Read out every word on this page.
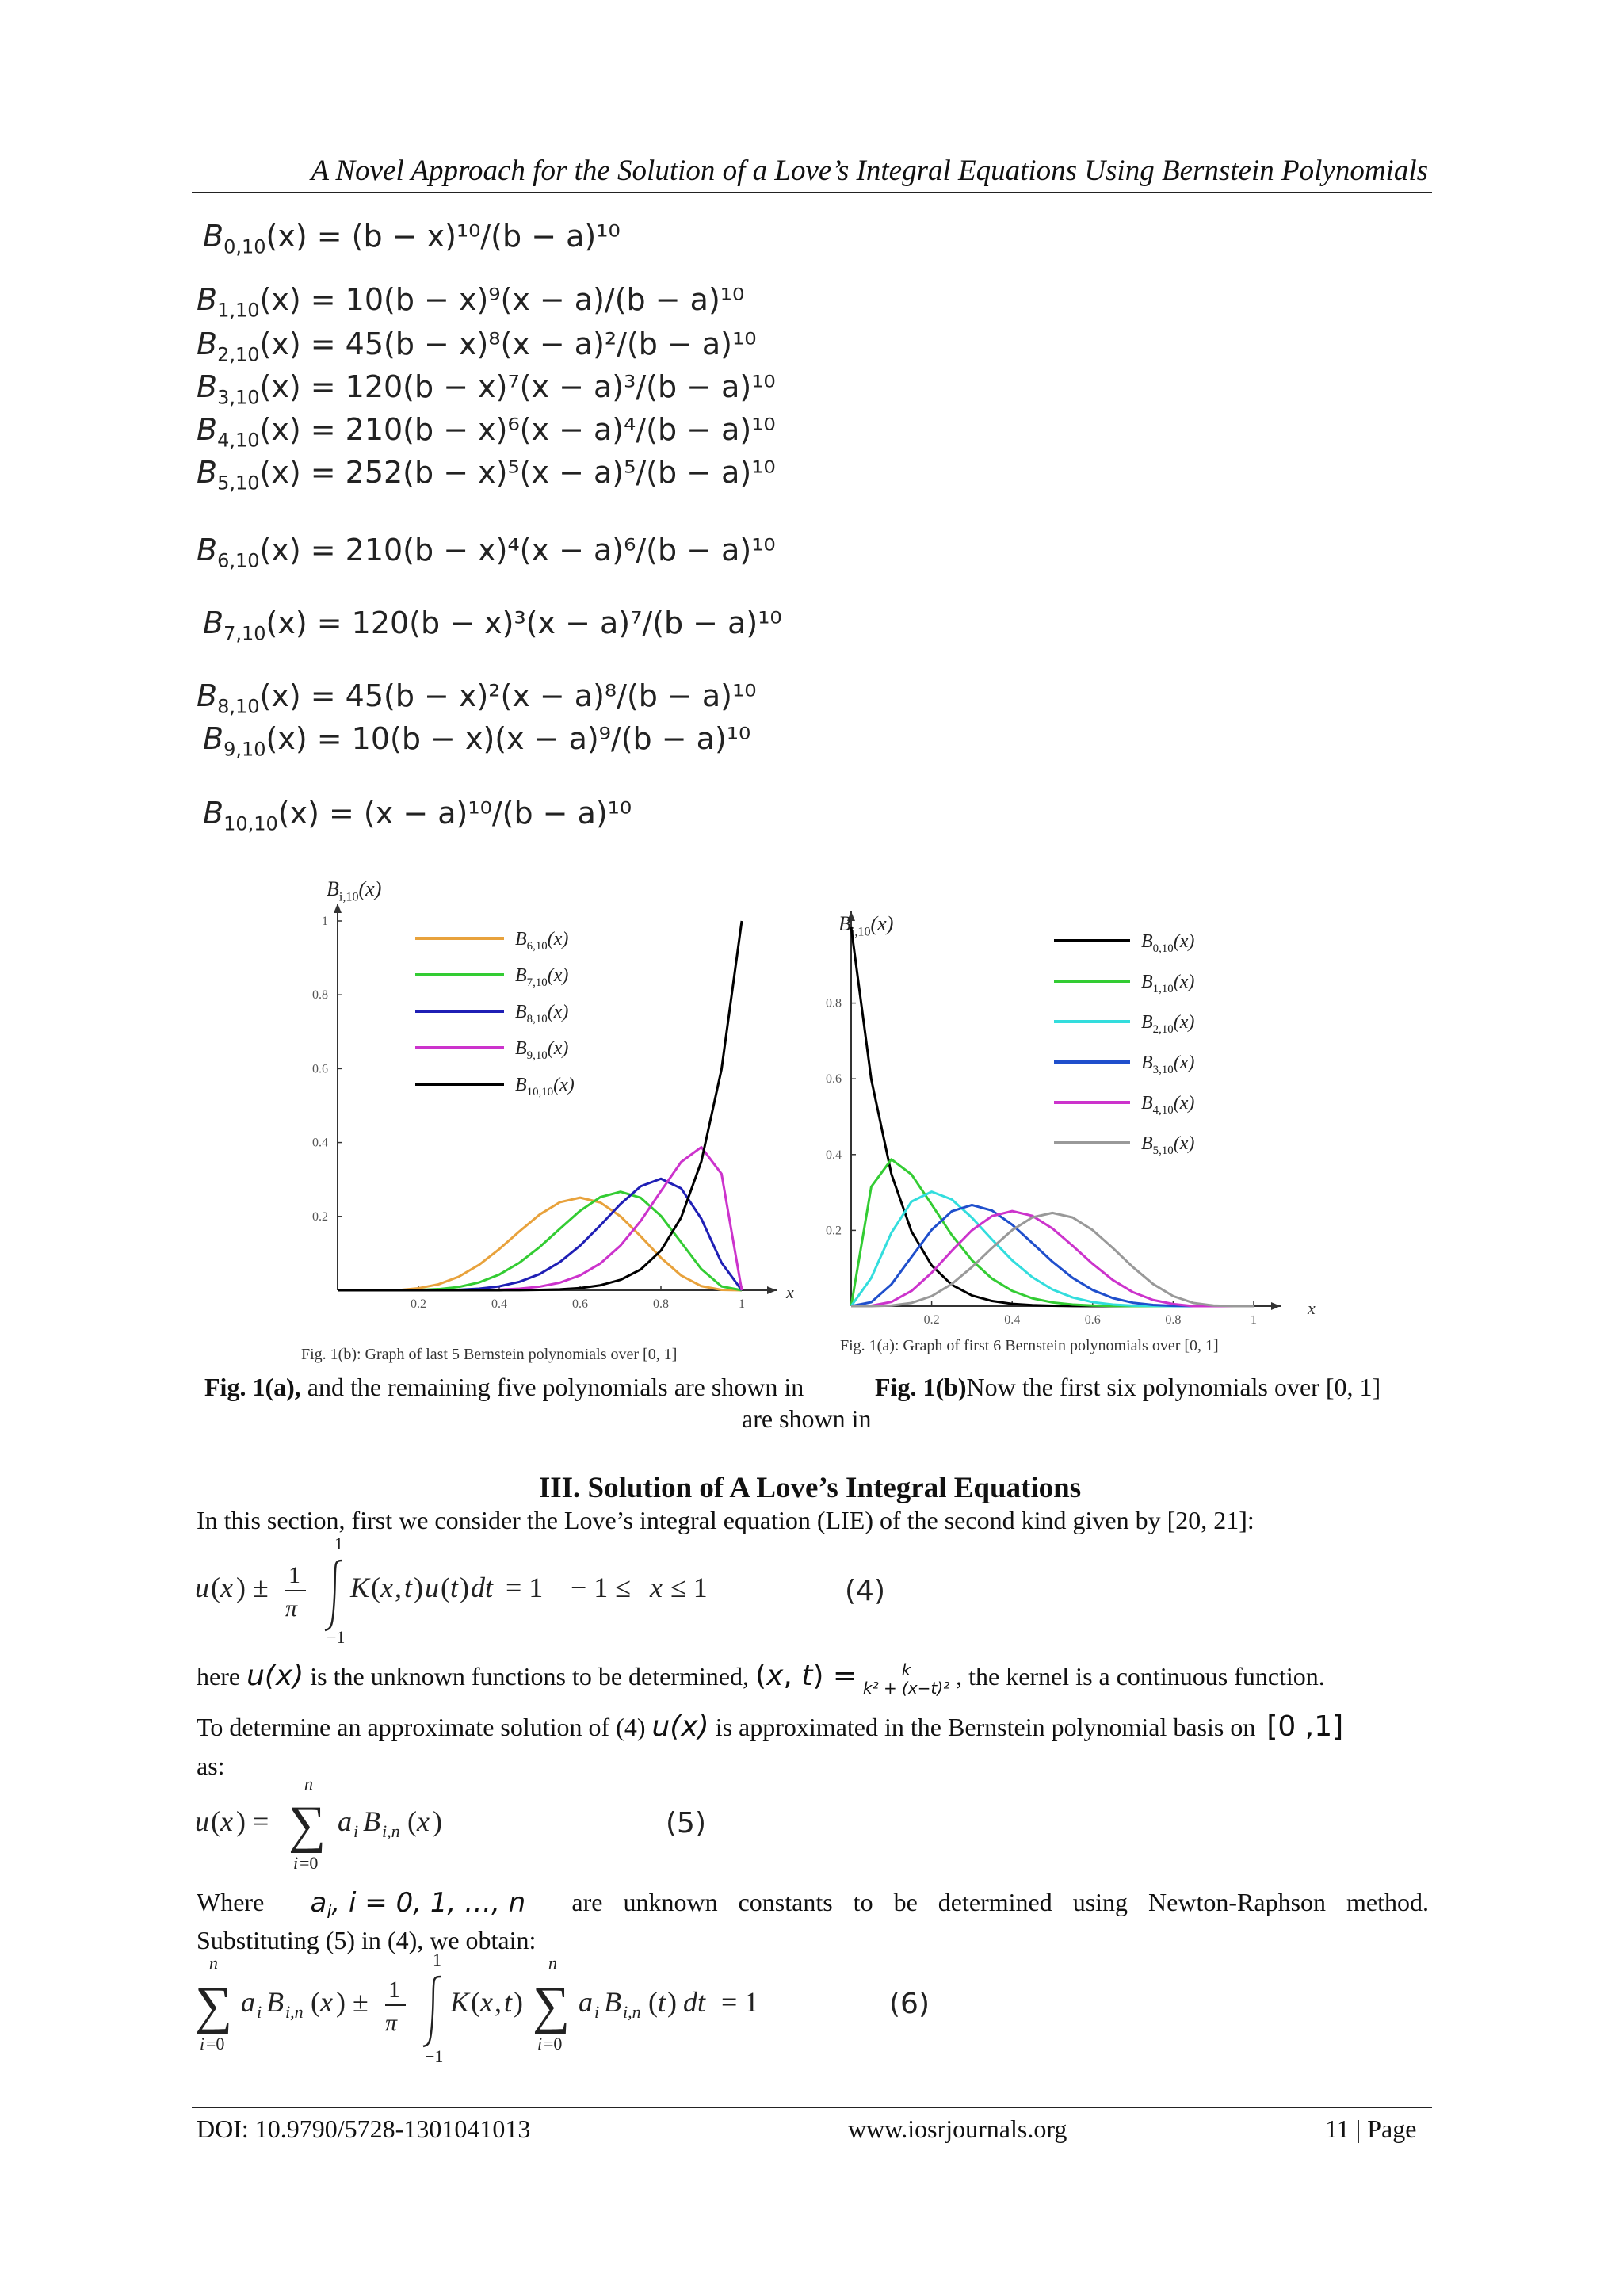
A Novel Approach for the Solution of a Love’s Integral Equations Using Bernstein Polynomials
$B_{0,10}(x) = (b - x)^{10}/(b - a)^{10}$
$B_{1,10}(x) = 10(b - x)^9(x - a)/(b - a)^{10}$
$B_{2,10}(x) = 45(b - x)^8(x - a)^2/(b - a)^{10}$
$B_{3,10}(x) = 120(b - x)^7(x - a)^3/(b - a)^{10}$
$B_{4,10}(x) = 210(b - x)^6(x - a)^4/(b - a)^{10}$
$B_{5,10}(x) = 252(b - x)^5(x - a)^5/(b - a)^{10}$
$B_{6,10}(x) = 210(b - x)^4(x - a)^6/(b - a)^{10}$
$B_{7,10}(x) = 120(b - x)^3(x - a)^7/(b - a)^{10}$
$B_{8,10}(x) = 45(b - x)^2(x - a)^8/(b - a)^{10}$
$B_{9,10}(x) = 10(b - x)(x - a)^9/(b - a)^{10}$
$B_{10,10}(x) = (x - a)^{10}/(b - a)^{10}$
0.2	0.4	0.6	0.8	1
0.2
0.4
0.6
0.8
1
$B_{i,10}(x)$
x
$B_{6,10}(x)$
$B_{7,10}(x)$
$B_{8,10}(x)$
$B_{9,10}(x)$
$B_{10,10}(x)$
Fig. 1(b): Graph of last 5 Bernstein polynomials over [0, 1]
0.2	0.4	0.6	0.8	1
0.2
0.4
0.6
0.8
$B_{i,10}(x)$
x
$B_{0,10}(x)$
$B_{1,10}(x)$
$B_{2,10}(x)$
$B_{3,10}(x)$
$B_{4,10}(x)$
$B_{5,10}(x)$
Fig. 1(a): Graph of first 6 Bernstein polynomials over [0, 1]
Fig. 1(a), and the remaining five polynomials are shown in	Fig. 1(b)Now the first six polynomials over [0, 1]
are shown in
III. Solution of A Love’s Integral Equations
In this section, first we consider the Love’s integral equation (LIE) of the second kind given by [20, 21]:
u ( x ) ± 1
π
1
−1
K ( x , t ) u ( t ) dt = 1 − 1 ≤ x ≤ 1	(4)
here u(x) is the unknown functions to be determined, (x, $t) = \frac{k}{\text{k² + (x−t)²}}$ , the kernel is a continuous function.
To determine an approximate solution of (4) u(x) is approximated in the Bernstein polynomial basis on [0 ,1]
as:
u ( x ) =
n
∑
i =0
a i B i,n ( x )	(5)
Where $a_i$, i = 0, 1, …, n are unknown constants to be determined using Newton-Raphson method.
Substituting (5) in (4), we obtain:
n
∑
i =0
a i B i,n ( x ) ± 1
π
1
−1
K ( x , t )
n
∑
i =0
a i B i,n ( t ) dt = 1	(6)
DOI: 10.9790/5728-1301041013	www.iosrjournals.org	11 | Page
